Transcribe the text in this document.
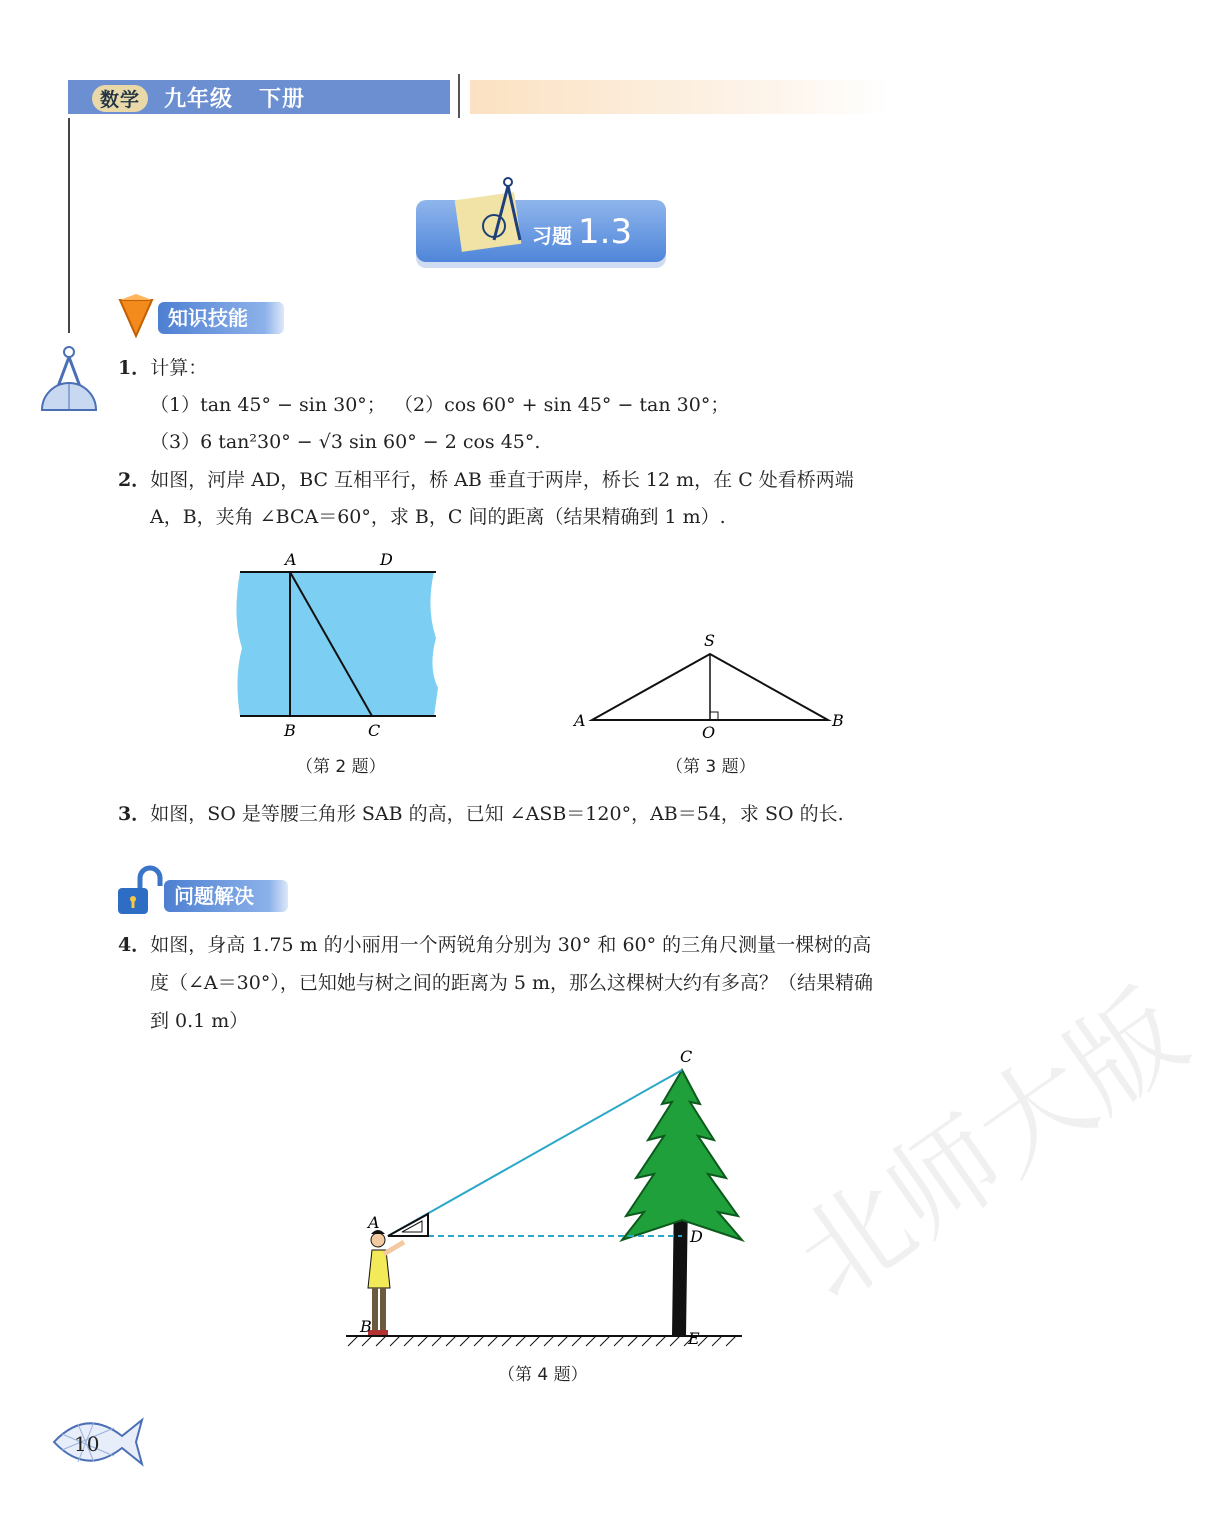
数学 九年级 下册
习题 1.3
知识技能
1．计算：
（1）tan 45° − sin 30°； （2）cos 60° + sin 45° − tan 30°；
（3）6 tan²30° − √3 sin 60° − 2 cos 45°.
2．如图，河岸 AD，BC 互相平行，桥 AB 垂直于两岸，桥长 12 m，在 C 处看桥两端
A，B，夹角 ∠BCA＝60°，求 B，C 间的距离（结果精确到 1 m）.
A	D
B	C
（第 2 题）
S
A	B
O
（第 3 题）
3．如图，SO 是等腰三角形 SAB 的高，已知 ∠ASB＝120°，AB＝54，求 SO 的长.
问题解决
4．如图，身高 1.75 m 的小丽用一个两锐角分别为 30° 和 60° 的三角尺测量一棵树的高
度（∠A＝30°），已知她与树之间的距离为 5 m，那么这棵树大约有多高？（结果精确
到 0.1 m）
A
B
C
D
E
（第 4 题）
10
北师大版
